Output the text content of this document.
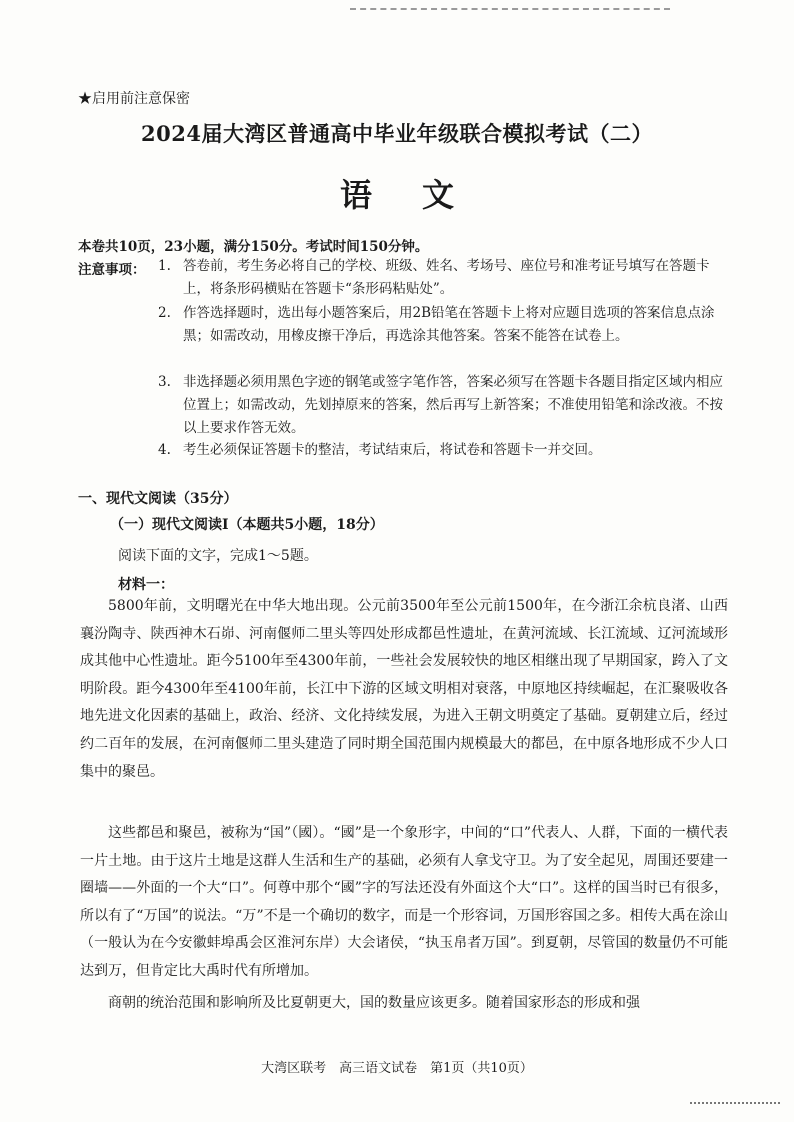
★启用前注意保密
2024届大湾区普通高中毕业年级联合模拟考试（二）
语文
本卷共10页，23小题，满分150分。考试时间150分钟。
注意事项： 1. 答卷前，考生务必将自己的学校、班级、姓名、考场号、座位号和准考证号填写在答题卡上，将条形码横贴在答题卡“条形码粘贴处”。
2. 作答选择题时，选出每小题答案后，用2B铅笔在答题卡上将对应题目选项的答案信息点涂黑；如需改动，用橡皮擦干净后，再选涂其他答案。答案不能答在试卷上。
3. 非选择题必须用黑色字迹的钢笔或签字笔作答，答案必须写在答题卡各题目指定区域内相应位置上；如需改动，先划掉原来的答案，然后再写上新答案；不准使用铅笔和涂改液。不按以上要求作答无效。
4. 考生必须保证答题卡的整洁，考试结束后，将试卷和答题卡一并交回。
一、现代文阅读（35分）
（一）现代文阅读Ⅰ（本题共5小题，18分）
阅读下面的文字，完成1～5题。
材料一：

5800年前，文明曙光在中华大地出现。公元前3500年至公元前1500年，在今浙江余杭良渚、山西襄汾陶寺、陕西神木石峁、河南偃师二里头等四处形成都邑性遗址，在黄河流域、长江流域、辽河流域形成其他中心性遗址。距今5100年至4300年前，一些社会发展较快的地区相继出现了早期国家，跨入了文明阶段。距今4300年至4100年前，长江中下游的区域文明相对衰落，中原地区持续崛起，在汇聚吸收各地先进文化因素的基础上，政治、经济、文化持续发展，为进入王朝文明奠定了基础。夏朝建立后，经过约二百年的发展，在河南偃师二里头建造了同时期全国范围内规模最大的都邑，在中原各地形成不少人口集中的聚邑。

这些都邑和聚邑，被称为“国”（國）。“國”是一个象形字，中间的“口”代表人、人群，下面的一横代表一片土地。由于这片土地是这群人生活和生产的基础，必须有人拿戈守卫。为了安全起见，周围还要建一圈墙——外面的一个大“口”。何尊中那个“國”字的写法还没有外面这个大“口”。这样的国当时已有很多，所以有了“万国”的说法。“万”不是一个确切的数字，而是一个形容词，万国形容国之多。相传大禹在涂山（一般认为在今安徽蚌埠禹会区淮河东岸）大会诸侯，“执玉帛者万国”。到夏朝，尽管国的数量仍不可能达到万，但肯定比大禹时代有所增加。

商朝的统治范围和影响所及比夏朝更大，国的数量应该更多。随着国家形态的形成和强

大湾区联考　高三语文试卷　第1页（共10页）
